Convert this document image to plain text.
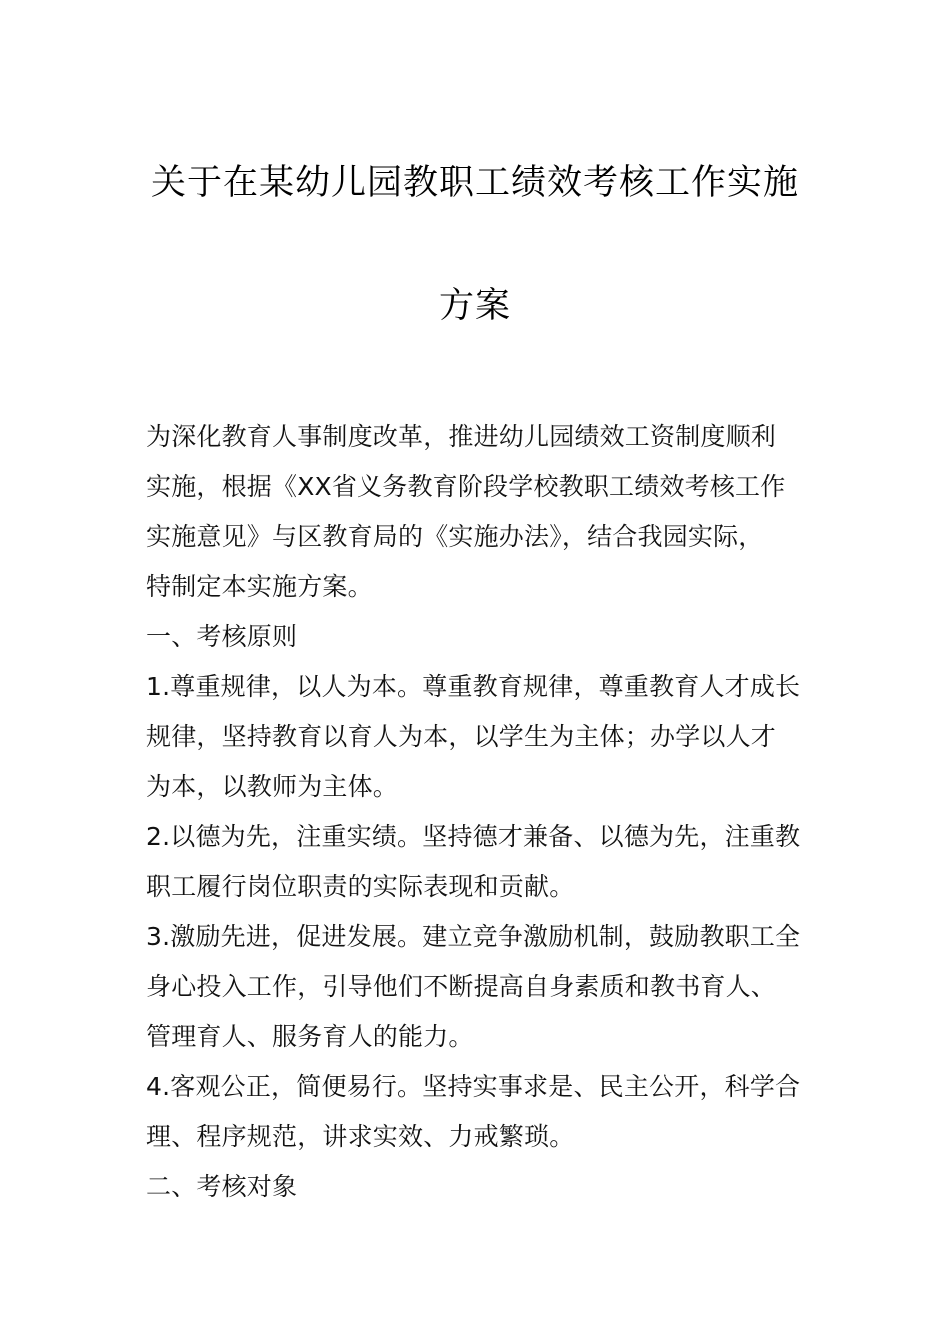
关于在某幼儿园教职工绩效考核工作实施
方案
为深化教育人事制度改革，推进幼儿园绩效工资制度顺利
实施，根据《XX省义务教育阶段学校教职工绩效考核工作
实施意见》与区教育局的《实施办法》，结合我园实际，
特制定本实施方案。
一、考核原则
1.尊重规律，以人为本。尊重教育规律，尊重教育人才成长
规律，坚持教育以育人为本，以学生为主体；办学以人才
为本，以教师为主体。
2.以德为先，注重实绩。坚持德才兼备、以德为先，注重教
职工履行岗位职责的实际表现和贡献。
3.激励先进，促进发展。建立竞争激励机制，鼓励教职工全
身心投入工作，引导他们不断提高自身素质和教书育人、
管理育人、服务育人的能力。
4.客观公正，简便易行。坚持实事求是、民主公开，科学合
理、程序规范，讲求实效、力戒繁琐。
二、考核对象
